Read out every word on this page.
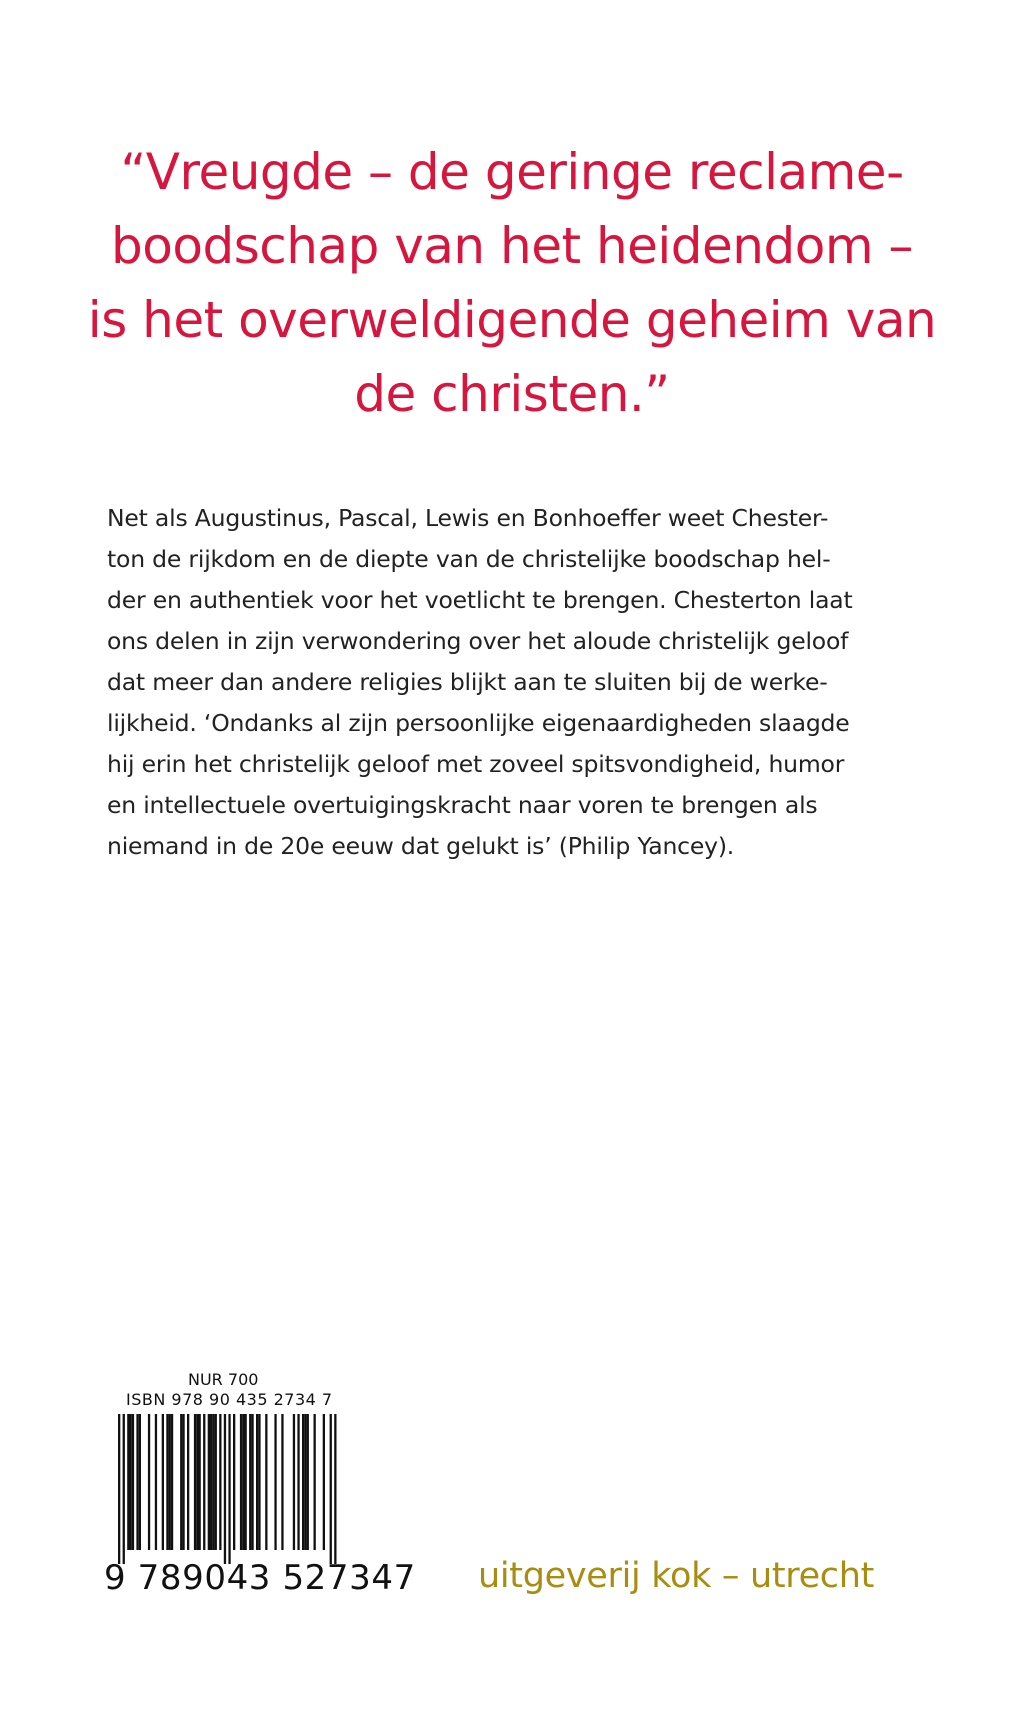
“Vreugde – de geringe reclame-
boodschap van het heidendom –
is het overweldigende geheim van
de christen.”
Net als Augustinus, Pascal, Lewis en Bonhoeffer weet Chester-
ton de rijkdom en de diepte van de christelijke boodschap hel-
der en authentiek voor het voetlicht te brengen. Chesterton laat
ons delen in zijn verwondering over het aloude christelijk geloof
dat meer dan andere religies blijkt aan te sluiten bij de werke-
lijkheid. ‘Ondanks al zijn persoonlijke eigenaardigheden slaagde
hij erin het christelijk geloof met zoveel spitsvondigheid, humor
en intellectuele overtuigingskracht naar voren te brengen als
niemand in de 20e eeuw dat gelukt is’ (Philip Yancey).
NUR 700
ISBN 978 90 435 2734 7
9 789043 527347 uitgeverij kok – utrecht
